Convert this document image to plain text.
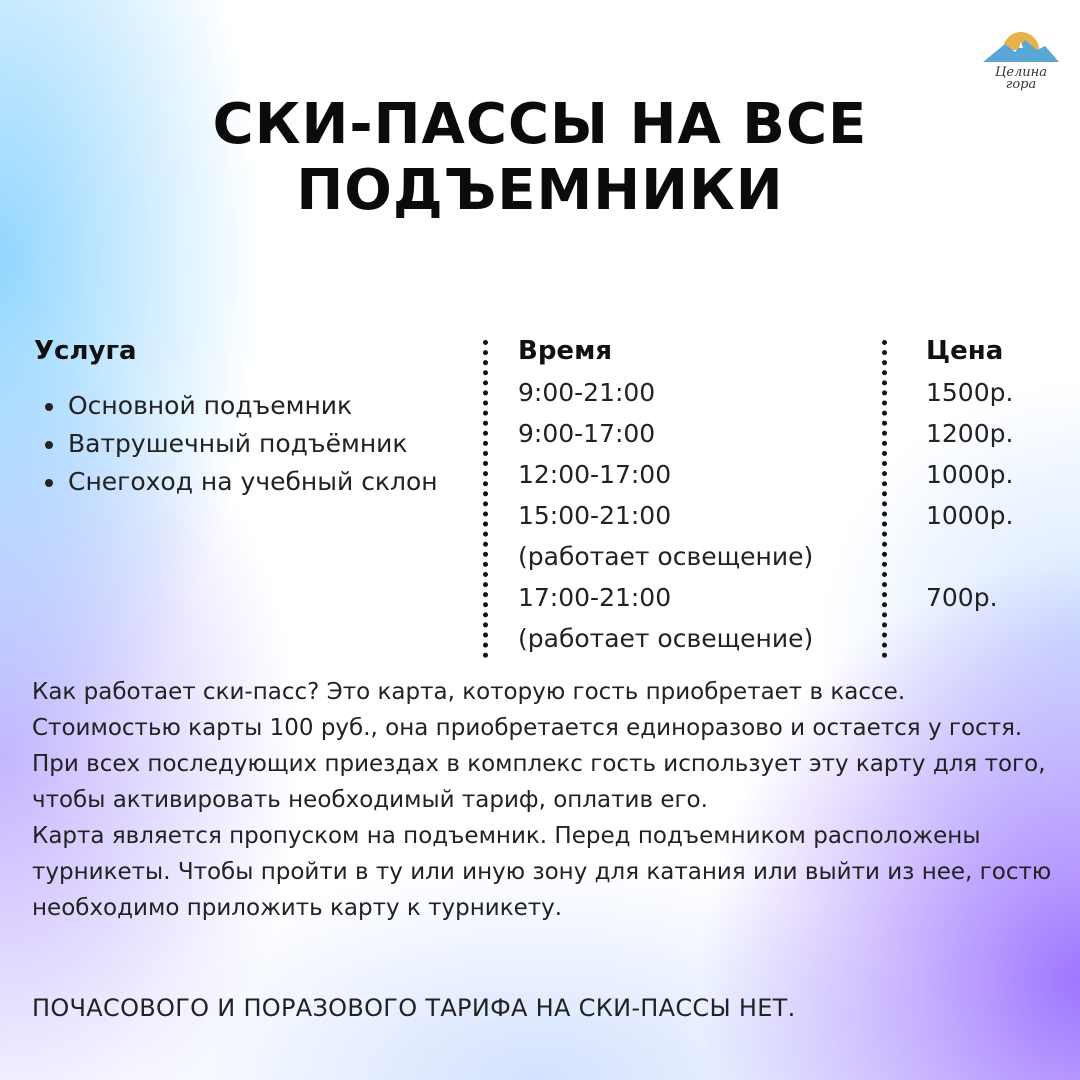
Целина
гора
СКИ-ПАССЫ НА ВСЕ
ПОДЪЕМНИКИ
Услуга	Время	Цена
Основной подъемник
Ватрушечный подъёмник
Снегоход на учебный склон
9:00-21:00
9:00-17:00
12:00-17:00
15:00-21:00
(работает освещение)
17:00-21:00
(работает освещение)
1500р.
1200р.
1000р.
1000р.
700р.

Как работает ски-пасс? Это карта, которую гость приобретает в кассе. Стоимостью карты 100 руб., она приобретается единоразово и остается у гостя. При всех последующих приездах в комплекс гость использует эту карту для того, чтобы активировать необходимый тариф, оплатив его.

Карта является пропуском на подъемник. Перед подъемником расположены турникеты. Чтобы пройти в ту или иную зону для катания или выйти из нее, гостю необходимо приложить карту к турникету.

ПОЧАСОВОГО И ПОРАЗОВОГО ТАРИФА НА СКИ-ПАССЫ НЕТ.
